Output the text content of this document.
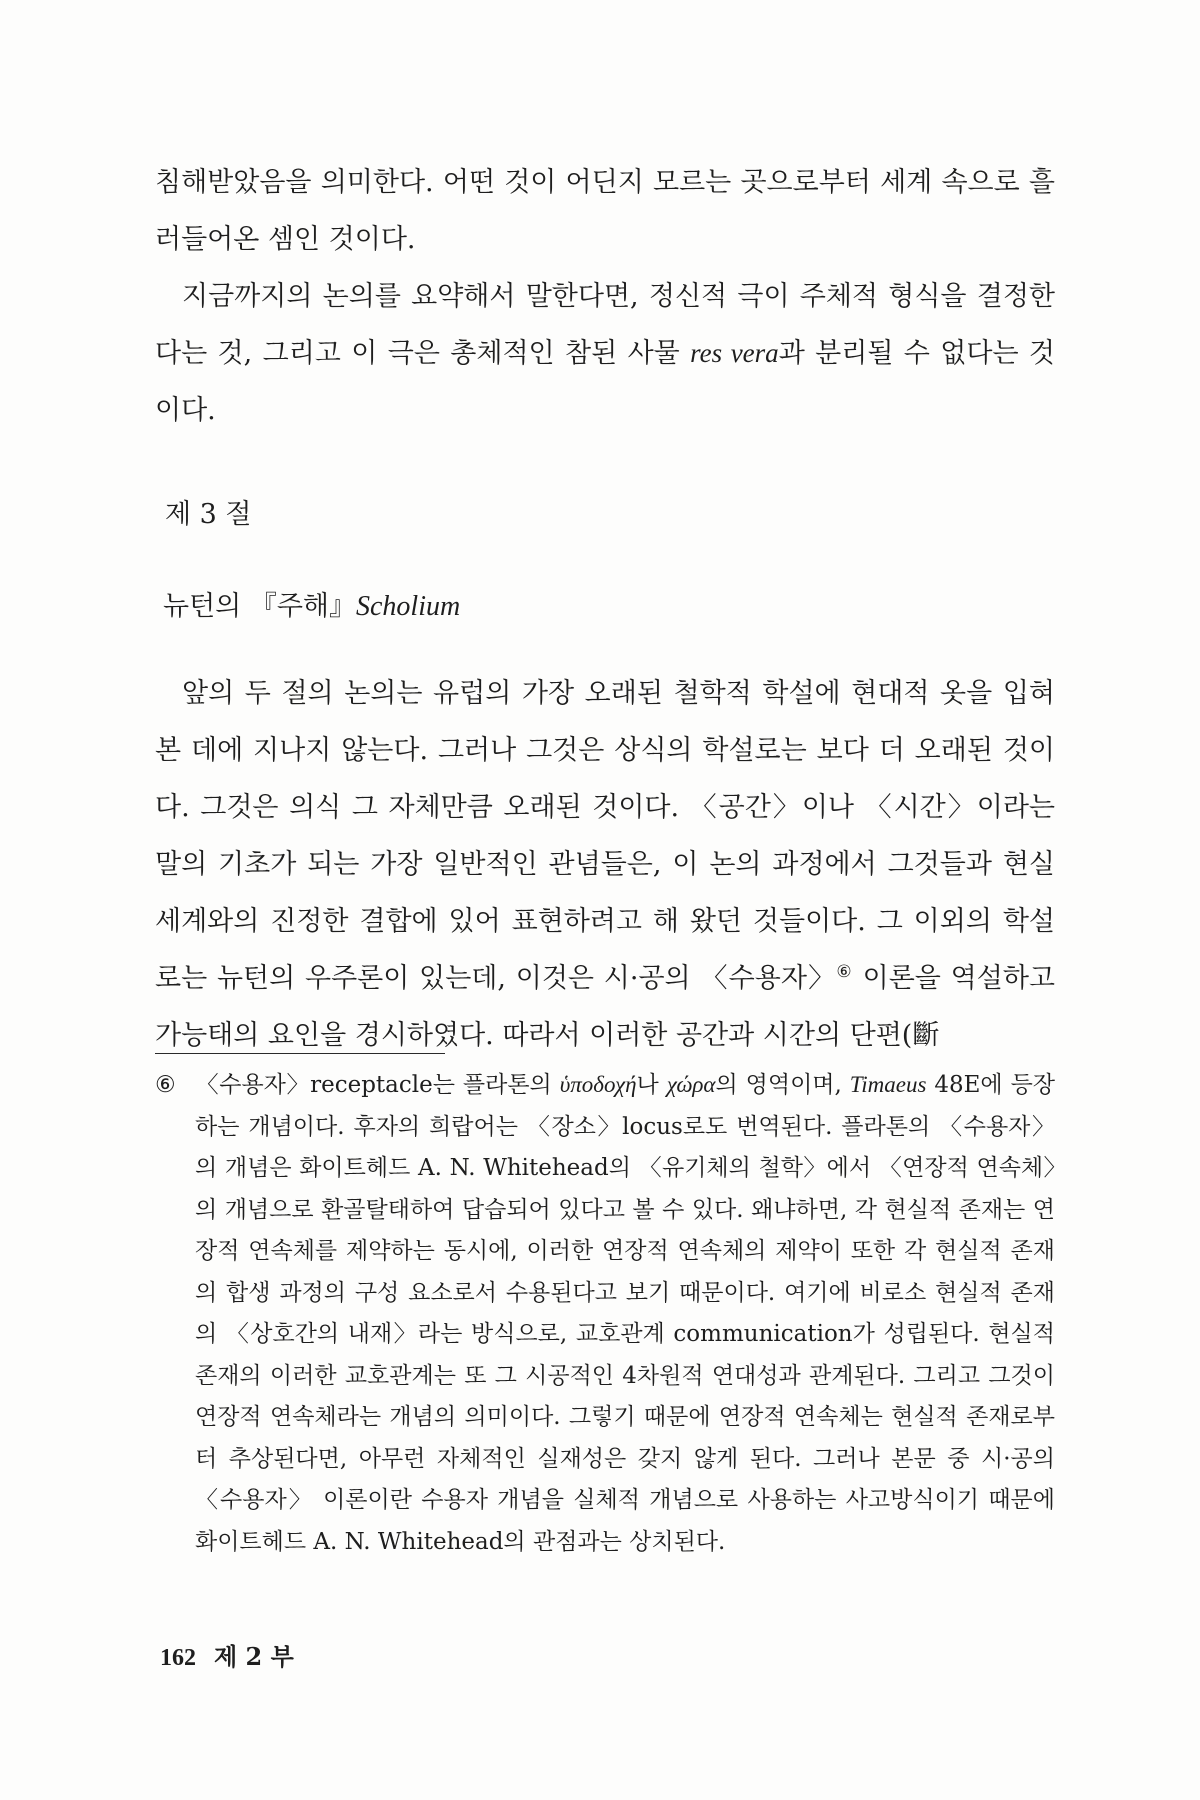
침해받았음을 의미한다. 어떤 것이 어딘지 모르는 곳으로부터 세계 속으로 흘러들어온 셈인 것이다.

지금까지의 논의를 요약해서 말한다면, 정신적 극이 주체적 형식을 결정한다는 것, 그리고 이 극은 총체적인 참된 사물 res vera과 분리될 수 없다는 것이다.

제 3 절
뉴턴의 『주해』Scholium

앞의 두 절의 논의는 유럽의 가장 오래된 철학적 학설에 현대적 옷을 입혀 본 데에 지나지 않는다. 그러나 그것은 상식의 학설로는 보다 더 오래된 것이다. 그것은 의식 그 자체만큼 오래된 것이다. 〈공간〉이나 〈시간〉이라는 말의 기초가 되는 가장 일반적인 관념들은, 이 논의 과정에서 그것들과 현실 세계와의 진정한 결합에 있어 표현하려고 해 왔던 것들이다. 그 이외의 학설로는 뉴턴의 우주론이 있는데, 이것은 시·공의 〈수용자〉⑥ 이론을 역설하고 가능태의 요인을 경시하였다. 따라서 이러한 공간과 시간의 단편(斷

⑥ 〈수용자〉receptacle는 플라톤의 ὑποδοχή나 χώρα의 영역이며, Timaeus 48E에 등장하는 개념이다. 후자의 희랍어는 〈장소〉locus로도 번역된다. 플라톤의 〈수용자〉의 개념은 화이트헤드 A. N. Whitehead의 〈유기체의 철학〉에서 〈연장적 연속체〉의 개념으로 환골탈태하여 답습되어 있다고 볼 수 있다. 왜냐하면, 각 현실적 존재는 연장적 연속체를 제약하는 동시에, 이러한 연장적 연속체의 제약이 또한 각 현실적 존재의 합생 과정의 구성 요소로서 수용된다고 보기 때문이다. 여기에 비로소 현실적 존재의 〈상호간의 내재〉라는 방식으로, 교호관계 communication가 성립된다. 현실적 존재의 이러한 교호관계는 또 그 시공적인 4차원적 연대성과 관계된다. 그리고 그것이 연장적 연속체라는 개념의 의미이다. 그렇기 때문에 연장적 연속체는 현실적 존재로부터 추상된다면, 아무런 자체적인 실재성은 갖지 않게 된다. 그러나 본문 중 시·공의 〈수용자〉 이론이란 수용자 개념을 실체적 개념으로 사용하는 사고방식이기 때문에 화이트헤드 A. N. Whitehead의 관점과는 상치된다.

162 제 2 부
